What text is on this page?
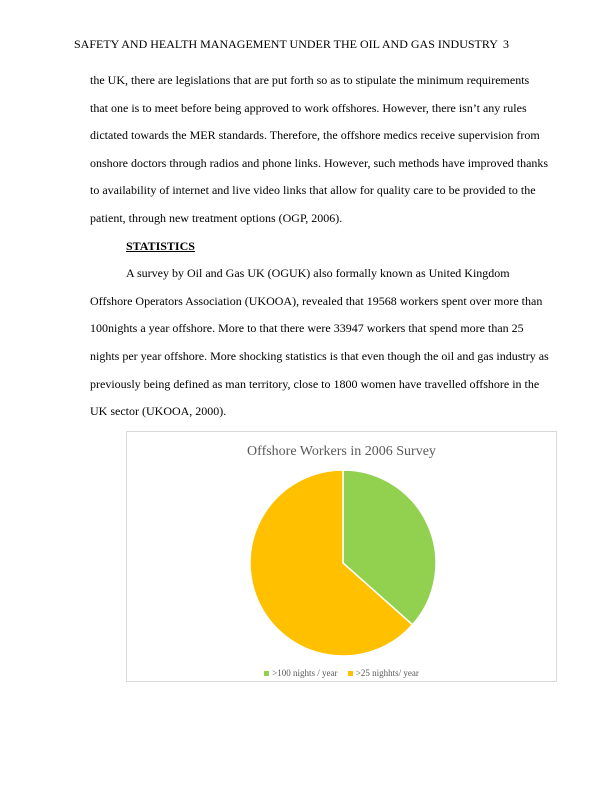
SAFETY AND HEALTH MANAGEMENT UNDER THE OIL AND GAS INDUSTRY 3

the UK, there are legislations that are put forth so as to stipulate the minimum requirements that one is to meet before being approved to work offshores. However, there isn’t any rules dictated towards the MER standards. Therefore, the offshore medics receive supervision from onshore doctors through radios and phone links. However, such methods have improved thanks to availability of internet and live video links that allow for quality care to be provided to the patient, through new treatment options (OGP, 2006).

STATISTICS

A survey by Oil and Gas UK (OGUK) also formally known as United Kingdom Offshore Operators Association (UKOOA), revealed that 19568 workers spent over more than 100nights a year offshore. More to that there were 33947 workers that spend more than 25 nights per year offshore. More shocking statistics is that even though the oil and gas industry as previously being defined as man territory, close to 1800 women have travelled offshore in the UK sector (UKOOA, 2000).

Offshore Workers in 2006 Survey
>100 nights / year >25 nighhts/ year
